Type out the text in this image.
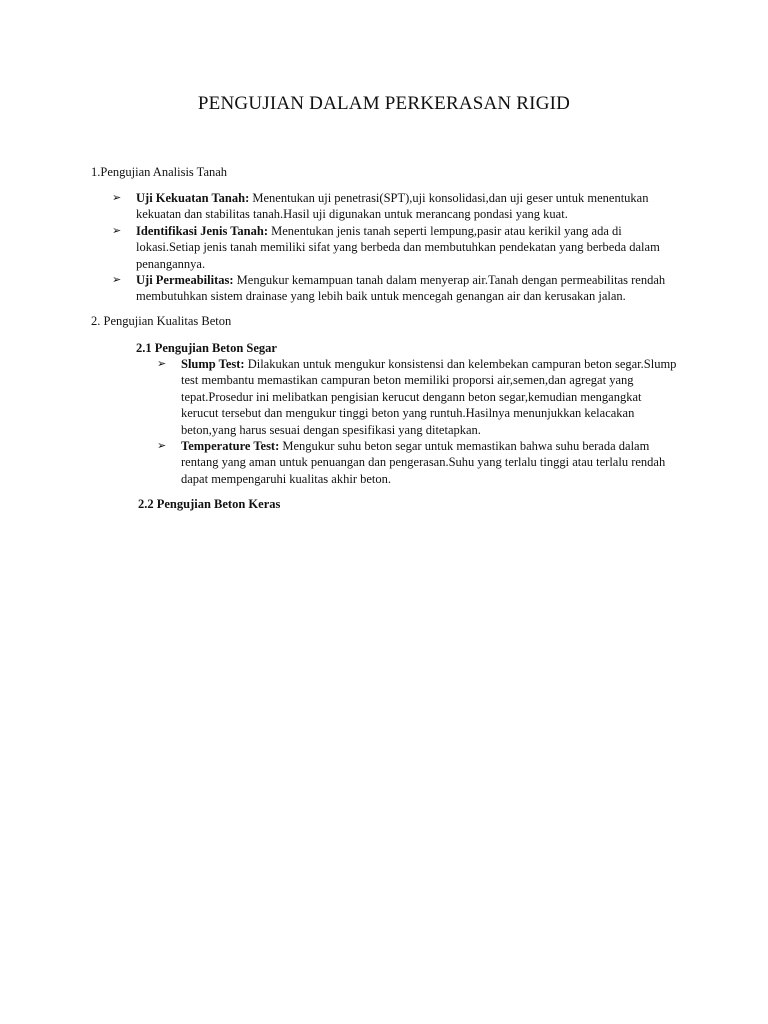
PENGUJIAN DALAM PERKERASAN RIGID

1.Pengujian Analisis Tanah

➢ Uji Kekuatan Tanah: Menentukan uji penetrasi(SPT),uji konsolidasi,dan uji geser untuk menentukan kekuatan dan stabilitas tanah.Hasil uji digunakan untuk merancang pondasi yang kuat.
➢ Identifikasi Jenis Tanah: Menentukan jenis tanah seperti lempung,pasir atau kerikil yang ada di lokasi.Setiap jenis tanah memiliki sifat yang berbeda dan membutuhkan pendekatan yang berbeda dalam penangannya.
➢ Uji Permeabilitas: Mengukur kemampuan tanah dalam menyerap air.Tanah dengan permeabilitas rendah membutuhkan sistem drainase yang lebih baik untuk mencegah genangan air dan kerusakan jalan.

2. Pengujian Kualitas Beton

2.1 Pengujian Beton Segar

➢ Slump Test: Dilakukan untuk mengukur konsistensi dan kelembekan campuran beton segar.Slump test membantu memastikan campuran beton memiliki proporsi air,semen,dan agregat yang tepat.Prosedur ini melibatkan pengisian kerucut dengann beton segar,kemudian mengangkat kerucut tersebut dan mengukur tinggi beton yang runtuh.Hasilnya menunjukkan kelacakan beton,yang harus sesuai dengan spesifikasi yang ditetapkan.
➢ Temperature Test: Mengukur suhu beton segar untuk memastikan bahwa suhu berada dalam rentang yang aman untuk penuangan dan pengerasan.Suhu yang terlalu tinggi atau terlalu rendah dapat mempengaruhi kualitas akhir beton.

2.2 Pengujian Beton Keras
